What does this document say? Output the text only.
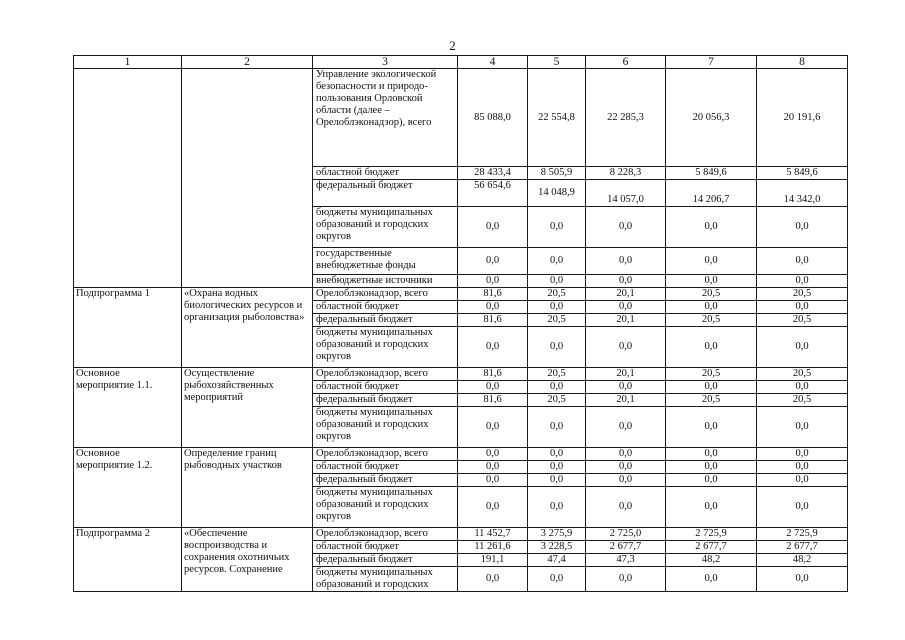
2
1	2	3	4	5	6	7	8
		Управление экологической безопасности и природо-пользования Орловской области (далее – Орелоблэконадзор), всего	85 088,0	22 554,8	22 285,3	20 056,3	20 191,6
		областной бюджет	28 433,4	8 505,9	8 228,3	5 849,6	5 849,6
		федеральный бюджет	56 654,6	14 048,9	14 057,0	14 206,7	14 342,0
		бюджеты муниципальных образований и городских округов	0,0	0,0	0,0	0,0	0,0
		государственные внебюджетные фонды	0,0	0,0	0,0	0,0	0,0
		внебюджетные источники	0,0	0,0	0,0	0,0	0,0
Подпрограмма 1	«Охрана водных биологических ресурсов и организация рыболовства»	Орелоблэконадзор, всего	81,6	20,5	20,1	20,5	20,5
		областной бюджет	0,0	0,0	0,0	0,0	0,0
		федеральный бюджет	81,6	20,5	20,1	20,5	20,5
		бюджеты муниципальных образований и городских округов	0,0	0,0	0,0	0,0	0,0
Основное мероприятие 1.1.	Осуществление рыбохозяйственных мероприятий	Орелоблэконадзор, всего	81,6	20,5	20,1	20,5	20,5
		областной бюджет	0,0	0,0	0,0	0,0	0,0
		федеральный бюджет	81,6	20,5	20,1	20,5	20,5
		бюджеты муниципальных образований и городских округов	0,0	0,0	0,0	0,0	0,0
Основное мероприятие 1.2.	Определение границ рыбоводных участков	Орелоблэконадзор, всего	0,0	0,0	0,0	0,0	0,0
		областной бюджет	0,0	0,0	0,0	0,0	0,0
		федеральный бюджет	0,0	0,0	0,0	0,0	0,0
		бюджеты муниципальных образований и городских округов	0,0	0,0	0,0	0,0	0,0
Подпрограмма 2	«Обеспечение воспроизводства и сохранения охотничьих ресурсов. Сохранение	Орелоблэконадзор, всего	11 452,7	3 275,9	2 725,0	2 725,9	2 725,9
		областной бюджет	11 261,6	3 228,5	2 677,7	2 677,7	2 677,7
		федеральный бюджет	191,1	47,4	47,3	48,2	48,2
		бюджеты муниципальных образований и городских	0,0	0,0	0,0	0,0	0,0
